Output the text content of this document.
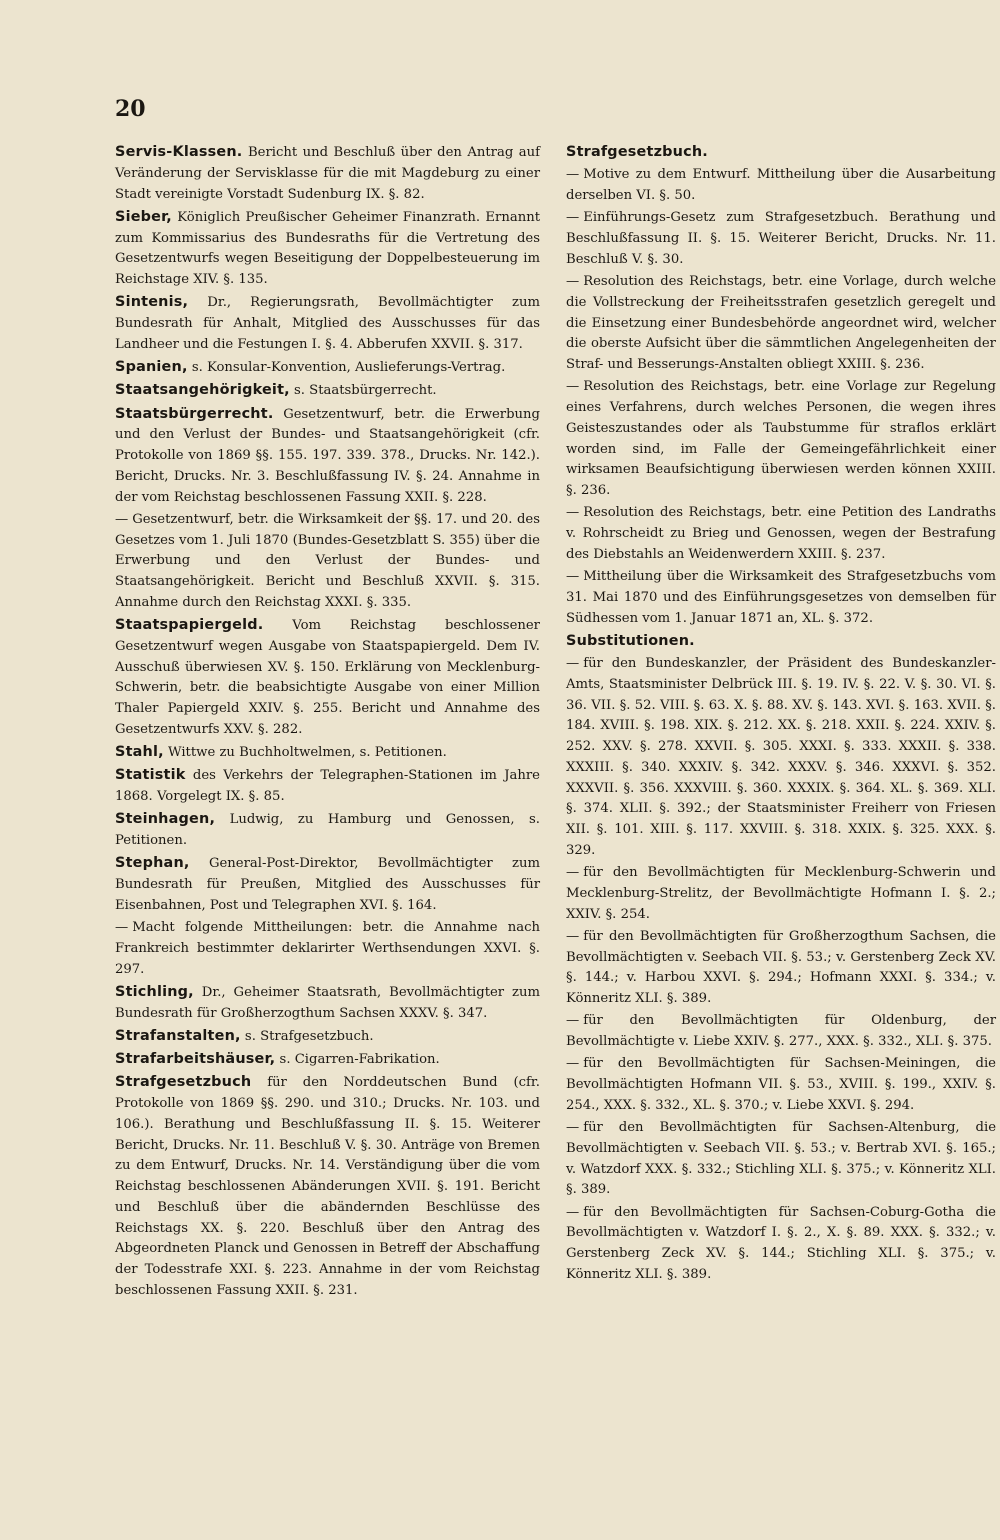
20

Servis-Klassen. Bericht und Beschluß über den Antrag auf Veränderung der Servisklasse für die mit Magdeburg zu einer Stadt vereinigte Vorstadt Sudenburg IX. §. 82.

Sieber, Königlich Preußischer Geheimer Finanzrath. Ernannt zum Kommissarius des Bundesraths für die Vertretung des Gesetzentwurfs wegen Beseitigung der Doppelbesteuerung im Reichstage XIV. §. 135.

Sintenis, Dr., Regierungsrath, Bevollmächtigter zum Bundesrath für Anhalt, Mitglied des Ausschusses für das Landheer und die Festungen I. §. 4. Abberufen XXVII. §. 317.

Spanien, s. Konsular-Konvention, Auslieferungs-Vertrag.

Staatsangehörigkeit, s. Staatsbürgerrecht.

Staatsbürgerrecht. Gesetzentwurf, betr. die Erwerbung und den Verlust der Bundes- und Staatsangehörigkeit (cfr. Protokolle von 1869 §§. 155. 197. 339. 378., Drucks. Nr. 142.). Bericht, Drucks. Nr. 3. Beschlußfassung IV. §. 24. Annahme in der vom Reichstag beschlossenen Fassung XXII. §. 228.

— Gesetzentwurf, betr. die Wirksamkeit der §§. 17. und 20. des Gesetzes vom 1. Juli 1870 (Bundes-Gesetzblatt S. 355) über die Erwerbung und den Verlust der Bundes- und Staatsangehörigkeit. Bericht und Beschluß XXVII. §. 315. Annahme durch den Reichstag XXXI. §. 335.

Staatspapiergeld. Vom Reichstag beschlossener Gesetzentwurf wegen Ausgabe von Staatspapiergeld. Dem IV. Ausschuß überwiesen XV. §. 150. Erklärung von Mecklenburg-Schwerin, betr. die beabsichtigte Ausgabe von einer Million Thaler Papiergeld XXIV. §. 255. Bericht und Annahme des Gesetzentwurfs XXV. §. 282.

Stahl, Wittwe zu Buchholtwelmen, s. Petitionen.

Statistik des Verkehrs der Telegraphen-Stationen im Jahre 1868. Vorgelegt IX. §. 85.

Steinhagen, Ludwig, zu Hamburg und Genossen, s. Petitionen.

Stephan, General-Post-Direktor, Bevollmächtigter zum Bundesrath für Preußen, Mitglied des Ausschusses für Eisenbahnen, Post und Telegraphen XVI. §. 164.

— Macht folgende Mittheilungen: betr. die Annahme nach Frankreich bestimmter deklarirter Werthsendungen XXVI. §. 297.

Stichling, Dr., Geheimer Staatsrath, Bevollmächtigter zum Bundesrath für Großherzogthum Sachsen XXXV. §. 347.

Strafanstalten, s. Strafgesetzbuch.

Strafarbeitshäuser, s. Cigarren-Fabrikation.

Strafgesetzbuch für den Norddeutschen Bund (cfr. Protokolle von 1869 §§. 290. und 310.; Drucks. Nr. 103. und 106.). Berathung und Beschlußfassung II. §. 15. Weiterer Bericht, Drucks. Nr. 11. Beschluß V. §. 30. Anträge von Bremen zu dem Entwurf, Drucks. Nr. 14. Verständigung über die vom Reichstag beschlossenen Abänderungen XVII. §. 191. Bericht und Beschluß über die abändernden Beschlüsse des Reichstags XX. §. 220. Beschluß über den Antrag des Abgeordneten Planck und Genossen in Betreff der Abschaffung der Todesstrafe XXI. §. 223. Annahme in der vom Reichstag beschlossenen Fassung XXII. §. 231.

Strafgesetzbuch.

— Motive zu dem Entwurf. Mittheilung über die Ausarbeitung derselben VI. §. 50.

— Einführungs-Gesetz zum Strafgesetzbuch. Berathung und Beschlußfassung II. §. 15. Weiterer Bericht, Drucks. Nr. 11. Beschluß V. §. 30.

— Resolution des Reichstags, betr. eine Vorlage, durch welche die Vollstreckung der Freiheitsstrafen gesetzlich geregelt und die Einsetzung einer Bundesbehörde angeordnet wird, welcher die oberste Aufsicht über die sämmtlichen Angelegenheiten der Straf- und Besserungs-Anstalten obliegt XXIII. §. 236.

— Resolution des Reichstags, betr. eine Vorlage zur Regelung eines Verfahrens, durch welches Personen, die wegen ihres Geisteszustandes oder als Taubstumme für straflos erklärt worden sind, im Falle der Gemeingefährlichkeit einer wirksamen Beaufsichtigung überwiesen werden können XXIII. §. 236.

— Resolution des Reichstags, betr. eine Petition des Landraths v. Rohrscheidt zu Brieg und Genossen, wegen der Bestrafung des Diebstahls an Weidenwerdern XXIII. §. 237.

— Mittheilung über die Wirksamkeit des Strafgesetzbuchs vom 31. Mai 1870 und des Einführungsgesetzes von demselben für Südhessen vom 1. Januar 1871 an, XL. §. 372.

Substitutionen.

— für den Bundeskanzler, der Präsident des Bundeskanzler-Amts, Staatsminister Delbrück III. §. 19. IV. §. 22. V. §. 30. VI. §. 36. VII. §. 52. VIII. §. 63. X. §. 88. XV. §. 143. XVI. §. 163. XVII. §. 184. XVIII. §. 198. XIX. §. 212. XX. §. 218. XXII. §. 224. XXIV. §. 252. XXV. §. 278. XXVII. §. 305. XXXI. §. 333. XXXII. §. 338. XXXIII. §. 340. XXXIV. §. 342. XXXV. §. 346. XXXVI. §. 352. XXXVII. §. 356. XXXVIII. §. 360. XXXIX. §. 364. XL. §. 369. XLI. §. 374. XLII. §. 392.; der Staatsminister Freiherr von Friesen XII. §. 101. XIII. §. 117. XXVIII. §. 318. XXIX. §. 325. XXX. §. 329.

— für den Bevollmächtigten für Mecklenburg-Schwerin und Mecklenburg-Strelitz, der Bevollmächtigte Hofmann I. §. 2.; XXIV. §. 254.

— für den Bevollmächtigten für Großherzogthum Sachsen, die Bevollmächtigten v. Seebach VII. §. 53.; v. Gerstenberg Zeck XV. §. 144.; v. Harbou XXVI. §. 294.; Hofmann XXXI. §. 334.; v. Könneritz XLI. §. 389.

— für den Bevollmächtigten für Oldenburg, der Bevollmächtigte v. Liebe XXIV. §. 277., XXX. §. 332., XLI. §. 375.

— für den Bevollmächtigten für Sachsen-Meiningen, die Bevollmächtigten Hofmann VII. §. 53., XVIII. §. 199., XXIV. §. 254., XXX. §. 332., XL. §. 370.; v. Liebe XXVI. §. 294.

— für den Bevollmächtigten für Sachsen-Altenburg, die Bevollmächtigten v. Seebach VII. §. 53.; v. Bertrab XVI. §. 165.; v. Watzdorf XXX. §. 332.; Stichling XLI. §. 375.; v. Könneritz XLI. §. 389.

— für den Bevollmächtigten für Sachsen-Coburg-Gotha die Bevollmächtigten v. Watzdorf I. §. 2., X. §. 89. XXX. §. 332.; v. Gerstenberg Zeck XV. §. 144.; Stichling XLI. §. 375.; v. Könneritz XLI. §. 389.
